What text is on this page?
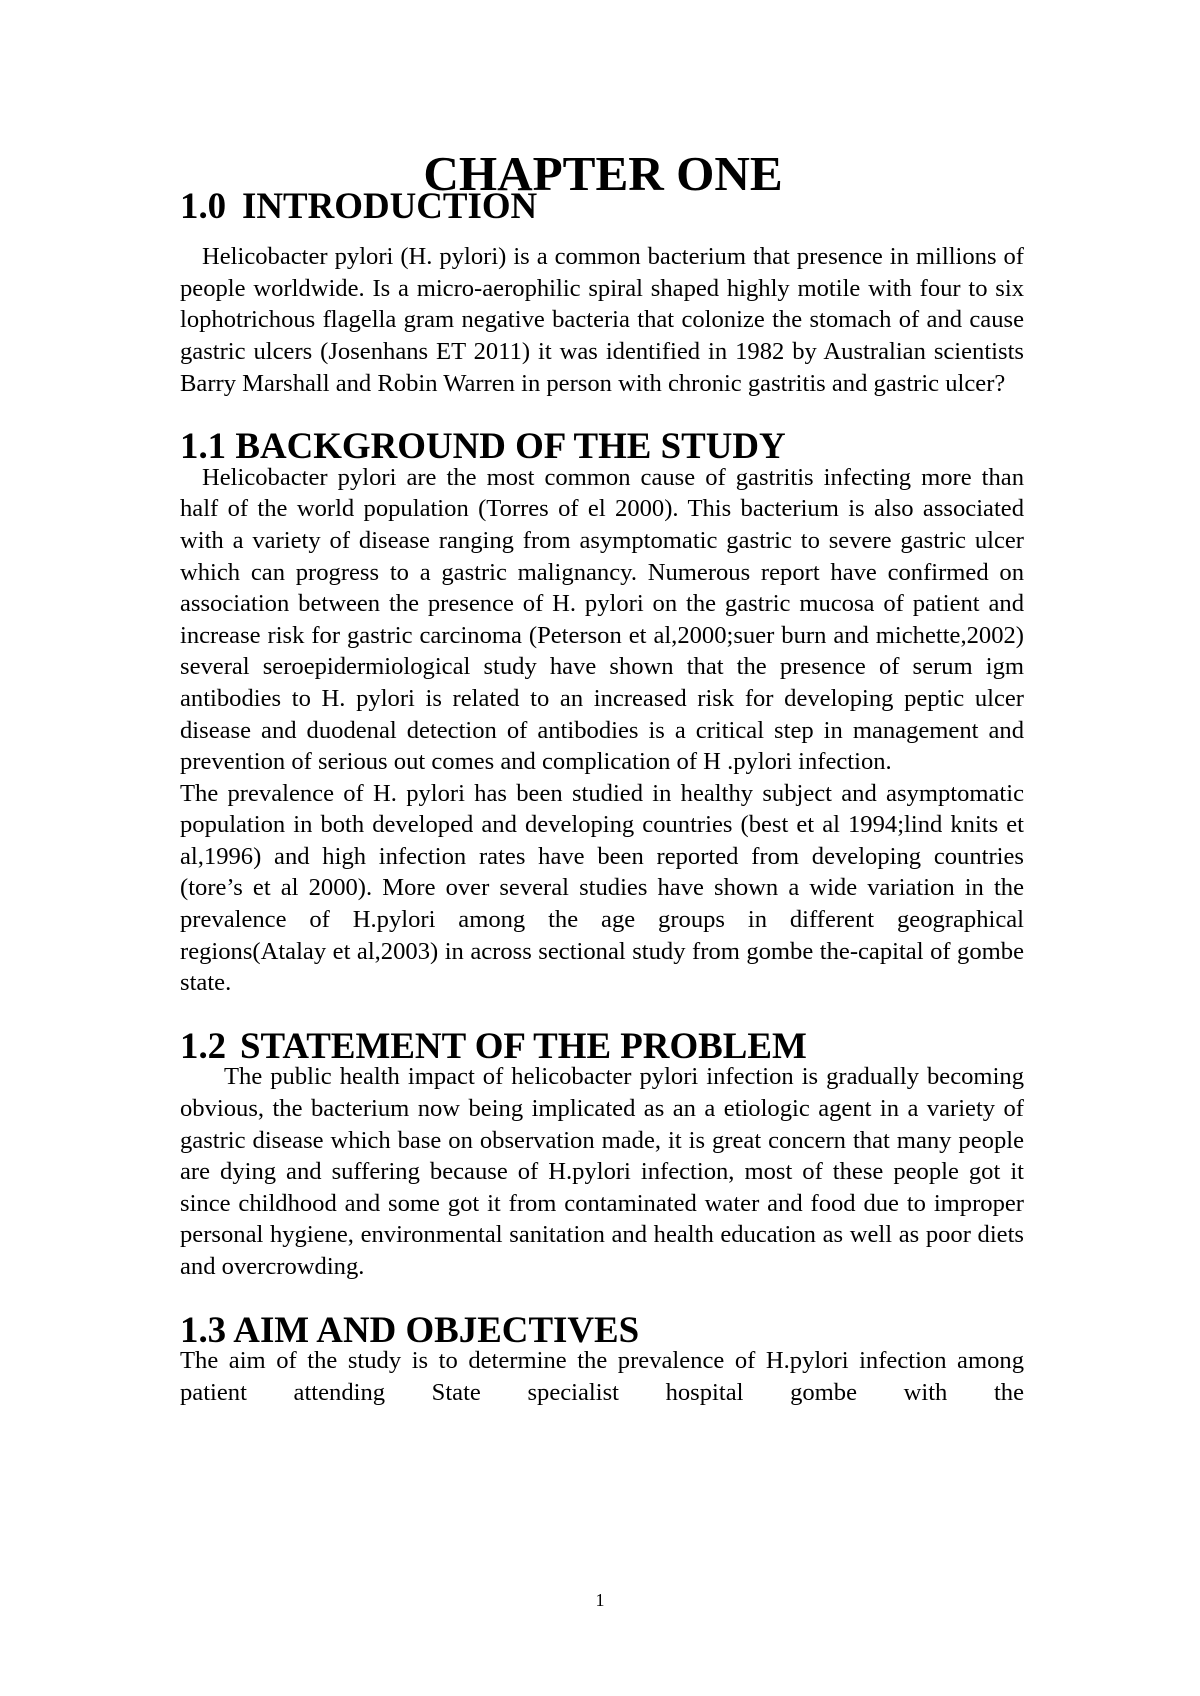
CHAPTER ONE
1.0 INTRODUCTION

Helicobacter pylori (H. pylori) is a common bacterium that presence in millions of people worldwide. Is a micro-aerophilic spiral shaped highly motile with four to six lophotrichous flagella gram negative bacteria that colonize the stomach of and cause gastric ulcers (Josenhans ET 2011) it was identified in 1982 by Australian scientists Barry Marshall and Robin Warren in person with chronic gastritis and gastric ulcer?

1.1 BACKGROUND OF THE STUDY

Helicobacter pylori are the most common cause of gastritis infecting more than half of the world population (Torres of el 2000). This bacterium is also associated with a variety of disease ranging from asymptomatic gastric to severe gastric ulcer which can progress to a gastric malignancy. Numerous report have confirmed on association between the presence of H. pylori on the gastric mucosa of patient and increase risk for gastric carcinoma (Peterson et al,2000;suer burn and michette,2002) several seroepidermiological study have shown that the presence of serum igm antibodies to H. pylori is related to an increased risk for developing peptic ulcer disease and duodenal detection of antibodies is a critical step in management and prevention of serious out comes and complication of H .pylori infection.

The prevalence of H. pylori has been studied in healthy subject and asymptomatic population in both developed and developing countries (best et al 1994;lind knits et al,1996) and high infection rates have been reported from developing countries (tore’s et al 2000). More over several studies have shown a wide variation in the prevalence of H.pylori among the age groups in different geographical regions(Atalay et al,2003) in across sectional study from gombe the-capital of gombe state.

1.2 STATEMENT OF THE PROBLEM

The public health impact of helicobacter pylori infection is gradually becoming obvious, the bacterium now being implicated as an a etiologic agent in a variety of gastric disease which base on observation made, it is great concern that many people are dying and suffering because of H.pylori infection, most of these people got it since childhood and some got it from contaminated water and food due to improper personal hygiene, environmental sanitation and health education as well as poor diets and overcrowding.

1.3 AIM AND OBJECTIVES

The aim of the study is to determine the prevalence of H.pylori infection among patient attending State specialist hospital gombe with the

1
